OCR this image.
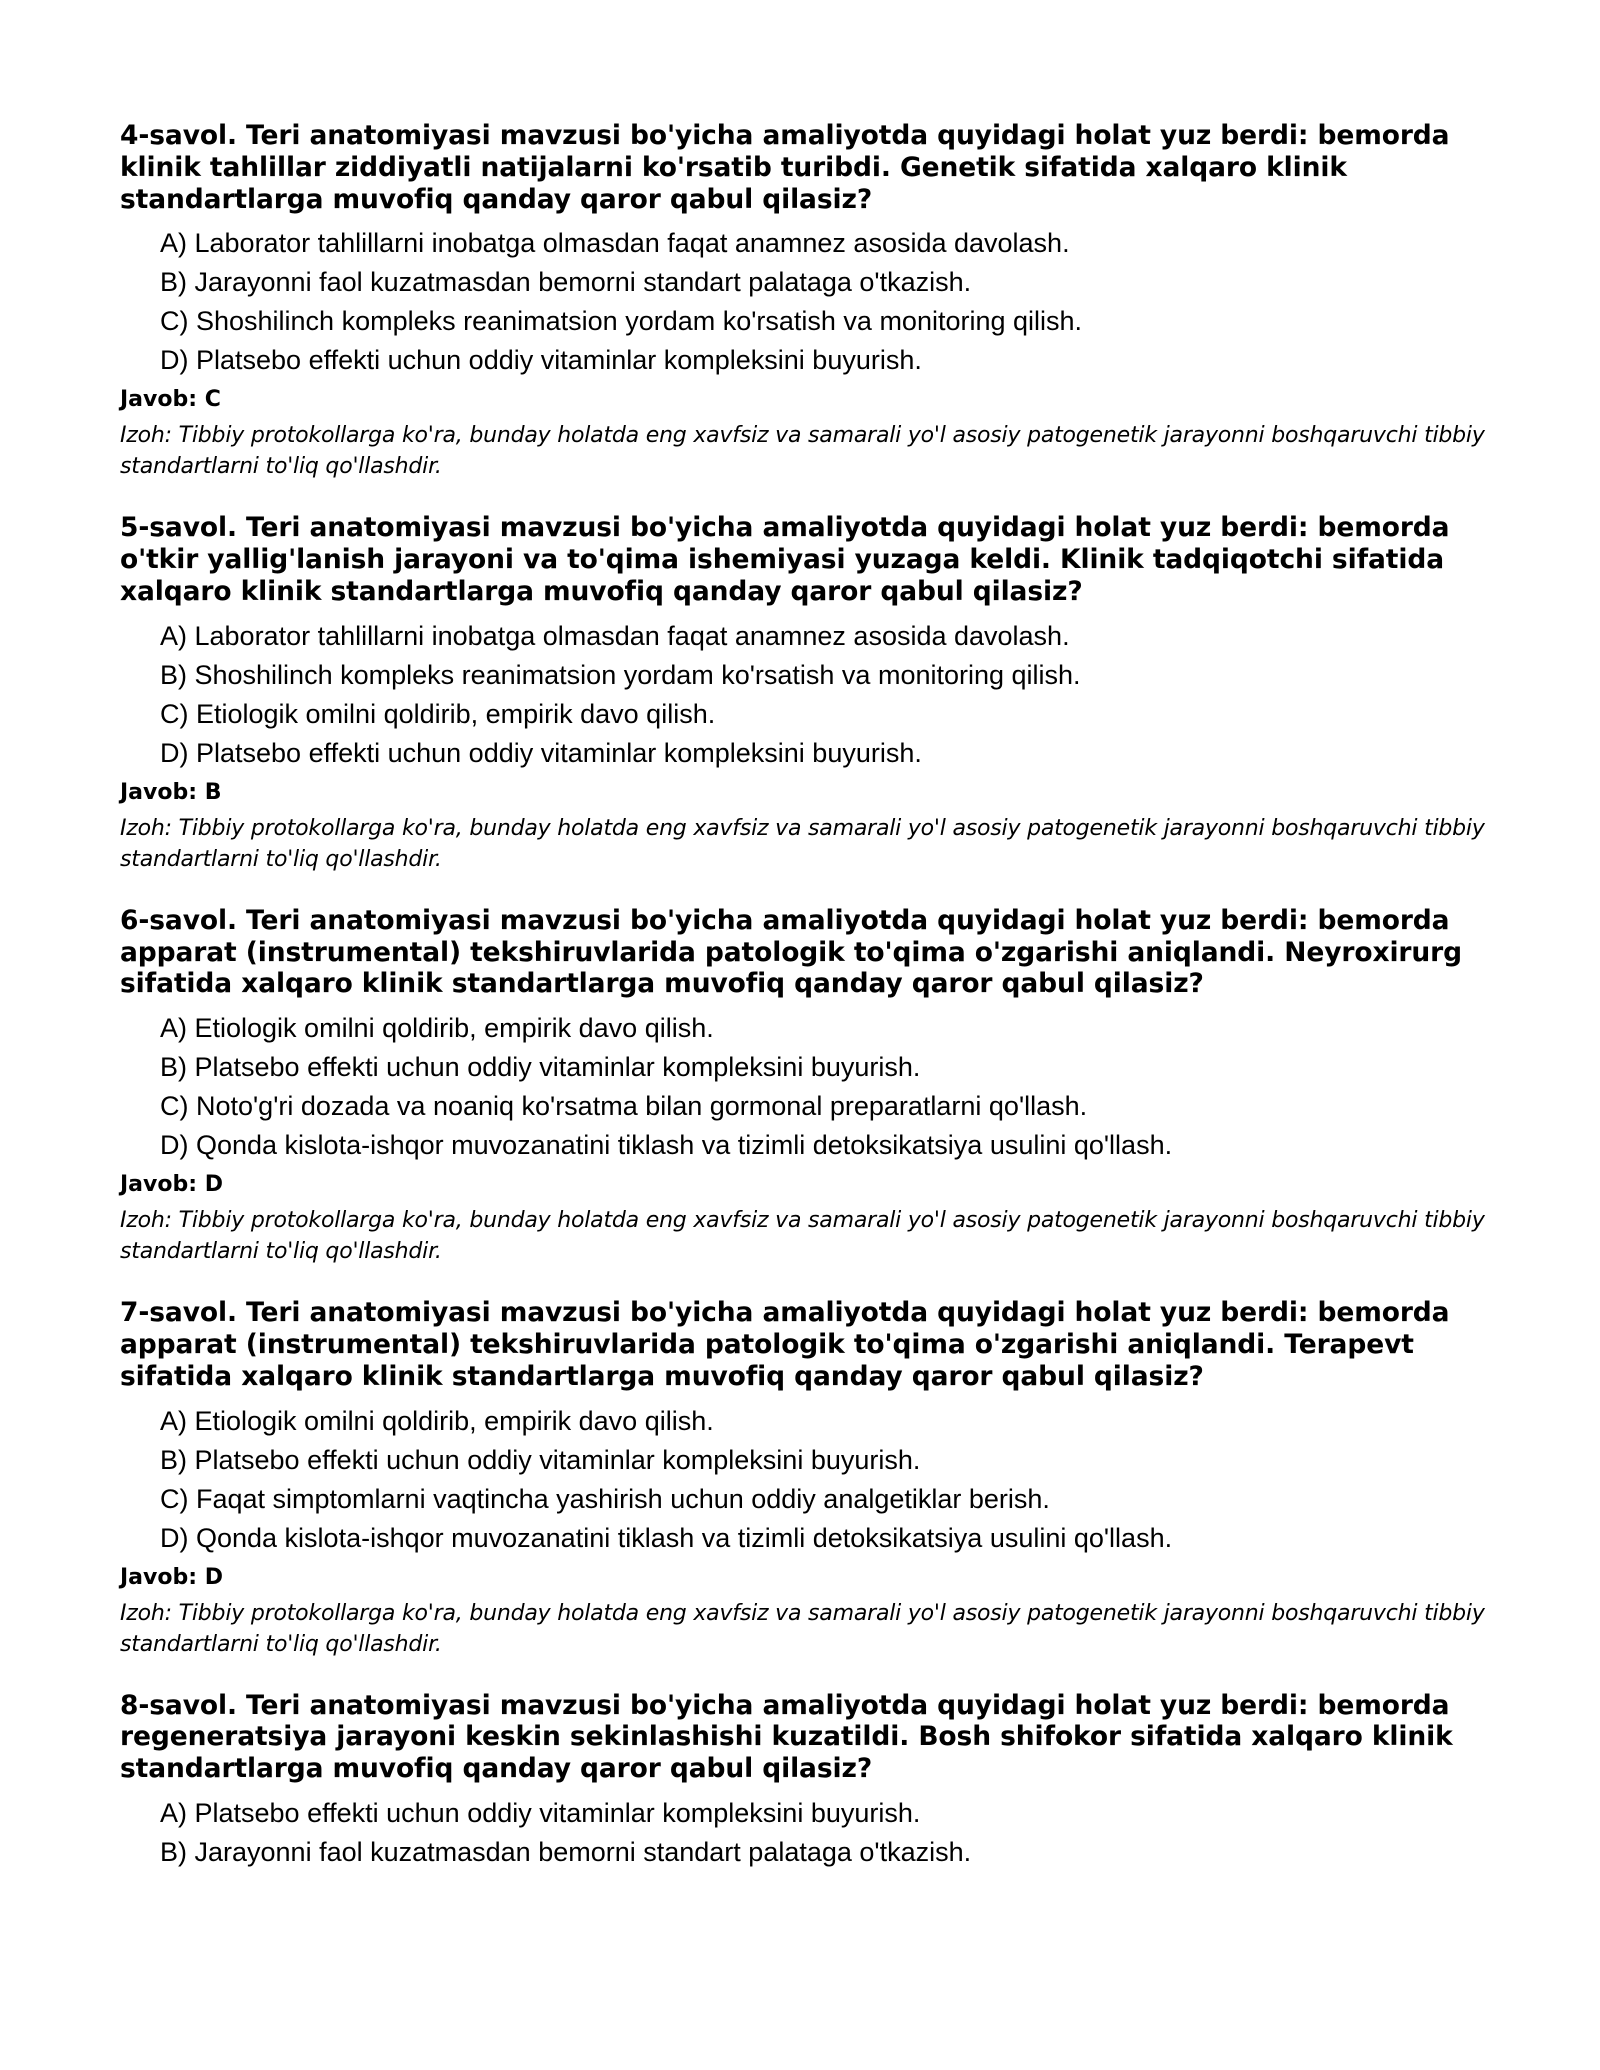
4-savol. Teri anatomiyasi mavzusi bo'yicha amaliyotda quyidagi holat yuz berdi: bemorda klinik tahlillar ziddiyatli natijalarni ko'rsatib turibdi. Genetik sifatida xalqaro klinik standartlarga muvofiq qanday qaror qabul qilasiz?

A) Laborator tahlillarni inobatga olmasdan faqat anamnez asosida davolash.
B) Jarayonni faol kuzatmasdan bemorni standart palataga o'tkazish.
C) Shoshilinch kompleks reanimatsion yordam ko'rsatish va monitoring qilish.
D) Platsebo effekti uchun oddiy vitaminlar kompleksini buyurish.

Javob: C

Izoh: Tibbiy protokollarga ko'ra, bunday holatda eng xavfsiz va samarali yo'l asosiy patogenetik jarayonni boshqaruvchi tibbiy standartlarni to'liq qo'llashdir.

5-savol. Teri anatomiyasi mavzusi bo'yicha amaliyotda quyidagi holat yuz berdi: bemorda o'tkir yallig'lanish jarayoni va to'qima ishemiyasi yuzaga keldi. Klinik tadqiqotchi sifatida xalqaro klinik standartlarga muvofiq qanday qaror qabul qilasiz?

A) Laborator tahlillarni inobatga olmasdan faqat anamnez asosida davolash.
B) Shoshilinch kompleks reanimatsion yordam ko'rsatish va monitoring qilish.
C) Etiologik omilni qoldirib, empirik davo qilish.
D) Platsebo effekti uchun oddiy vitaminlar kompleksini buyurish.

Javob: B

Izoh: Tibbiy protokollarga ko'ra, bunday holatda eng xavfsiz va samarali yo'l asosiy patogenetik jarayonni boshqaruvchi tibbiy standartlarni to'liq qo'llashdir.

6-savol. Teri anatomiyasi mavzusi bo'yicha amaliyotda quyidagi holat yuz berdi: bemorda apparat (instrumental) tekshiruvlarida patologik to'qima o'zgarishi aniqlandi. Neyroxirurg sifatida xalqaro klinik standartlarga muvofiq qanday qaror qabul qilasiz?

A) Etiologik omilni qoldirib, empirik davo qilish.
B) Platsebo effekti uchun oddiy vitaminlar kompleksini buyurish.
C) Noto'g'ri dozada va noaniq ko'rsatma bilan gormonal preparatlarni qo'llash.
D) Qonda kislota-ishqor muvozanatini tiklash va tizimli detoksikatsiya usulini qo'llash.

Javob: D

Izoh: Tibbiy protokollarga ko'ra, bunday holatda eng xavfsiz va samarali yo'l asosiy patogenetik jarayonni boshqaruvchi tibbiy standartlarni to'liq qo'llashdir.

7-savol. Teri anatomiyasi mavzusi bo'yicha amaliyotda quyidagi holat yuz berdi: bemorda apparat (instrumental) tekshiruvlarida patologik to'qima o'zgarishi aniqlandi. Terapevt sifatida xalqaro klinik standartlarga muvofiq qanday qaror qabul qilasiz?

A) Etiologik omilni qoldirib, empirik davo qilish.
B) Platsebo effekti uchun oddiy vitaminlar kompleksini buyurish.
C) Faqat simptomlarni vaqtincha yashirish uchun oddiy analgetiklar berish.
D) Qonda kislota-ishqor muvozanatini tiklash va tizimli detoksikatsiya usulini qo'llash.

Javob: D

Izoh: Tibbiy protokollarga ko'ra, bunday holatda eng xavfsiz va samarali yo'l asosiy patogenetik jarayonni boshqaruvchi tibbiy standartlarni to'liq qo'llashdir.

8-savol. Teri anatomiyasi mavzusi bo'yicha amaliyotda quyidagi holat yuz berdi: bemorda regeneratsiya jarayoni keskin sekinlashishi kuzatildi. Bosh shifokor sifatida xalqaro klinik standartlarga muvofiq qanday qaror qabul qilasiz?

A) Platsebo effekti uchun oddiy vitaminlar kompleksini buyurish.
B) Jarayonni faol kuzatmasdan bemorni standart palataga o'tkazish.
